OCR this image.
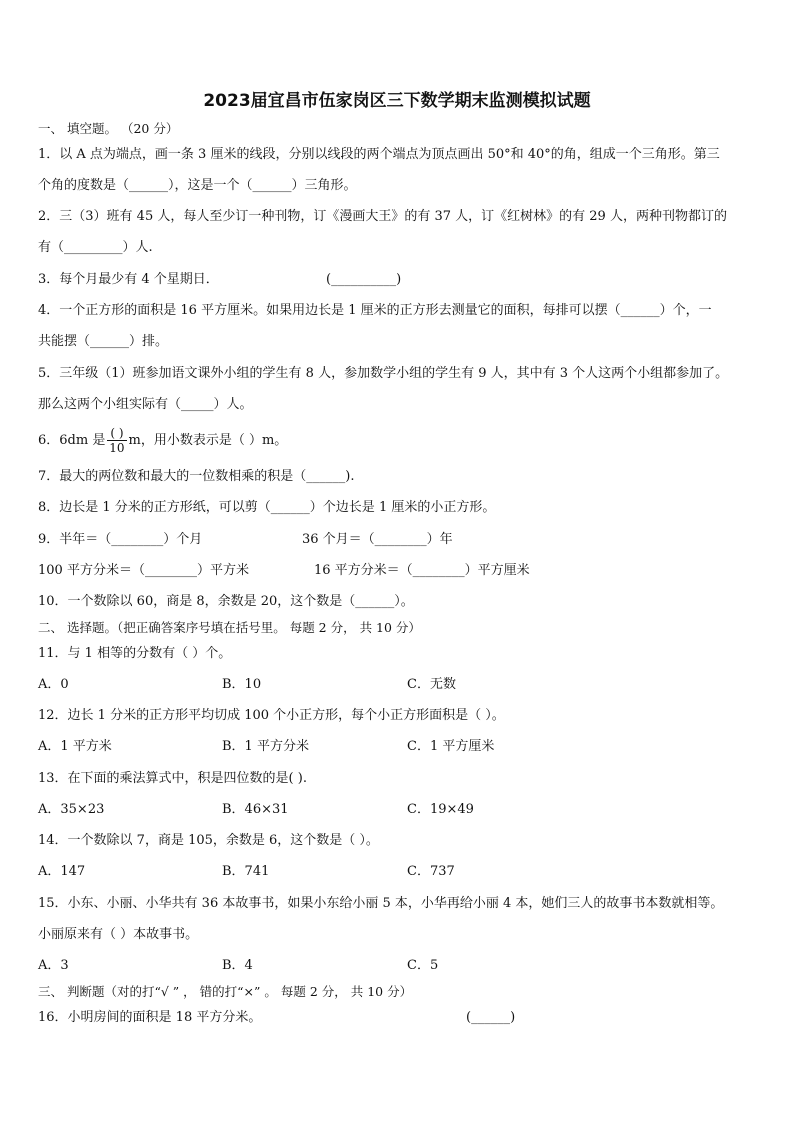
2023届宜昌市伍家岗区三下数学期末监测模拟试题
一、 填空题。 （20 分）
1．以 A 点为端点，画一条 3 厘米的线段，分别以线段的两个端点为顶点画出 50°和 40°的角，组成一个三角形。第三
个角的度数是（______），这是一个（______）三角形。
2．三（3）班有 45 人，每人至少订一种刊物，订《漫画大王》的有 37 人，订《红树林》的有 29 人，两种刊物都订的
有（_________）人.
3．每个月最少有 4 个星期日．	(__________)
4．一个正方形的面积是 16 平方厘米。如果用边长是 1 厘米的正方形去测量它的面积，每排可以摆（______）个，一
共能摆（______）排。
5．三年级（1）班参加语文课外小组的学生有 8 人，参加数学小组的学生有 9 人，其中有 3 个人这两个小组都参加了。
那么这两个小组实际有（_____）人。
6．6dm 是 $\frac{( )}{10}$ m，用小数表示是（ ）m。
7．最大的两位数和最大的一位数相乘的积是（______).
8．边长是 1 分米的正方形纸，可以剪（______）个边长是 1 厘米的小正方形。
9．半年＝（________）个月	36 个月＝（________）年
100 平方分米＝（________）平方米	16 平方分米＝（________）平方厘米
10．一个数除以 60，商是 8，余数是 20，这个数是（______）。
二、 选择题。（把正确答案序号填在括号里。 每题 2 分， 共 10 分）
11．与 1 相等的分数有（ ）个。
A．0	B．10	C．无数
12．边长 1 分米的正方形平均切成 100 个小正方形，每个小正方形面积是（ ）。
A．1 平方米	B．1 平方分米	C．1 平方厘米
13．在下面的乘法算式中，积是四位数的是( ).
A．35×23	B．46×31	C．19×49
14．一个数除以 7，商是 105，余数是 6，这个数是（ ）。
A．147	B．741	C．737
15．小东、小丽、小华共有 36 本故事书，如果小东给小丽 5 本，小华再给小丽 4 本，她们三人的故事书本数就相等。
小丽原来有（ ）本故事书。
A．3	B．4	C．5
三、 判断题（对的打“√ ” ， 错的打“×” 。 每题 2 分， 共 10 分）
16．小明房间的面积是 18 平方分米。	(______)
